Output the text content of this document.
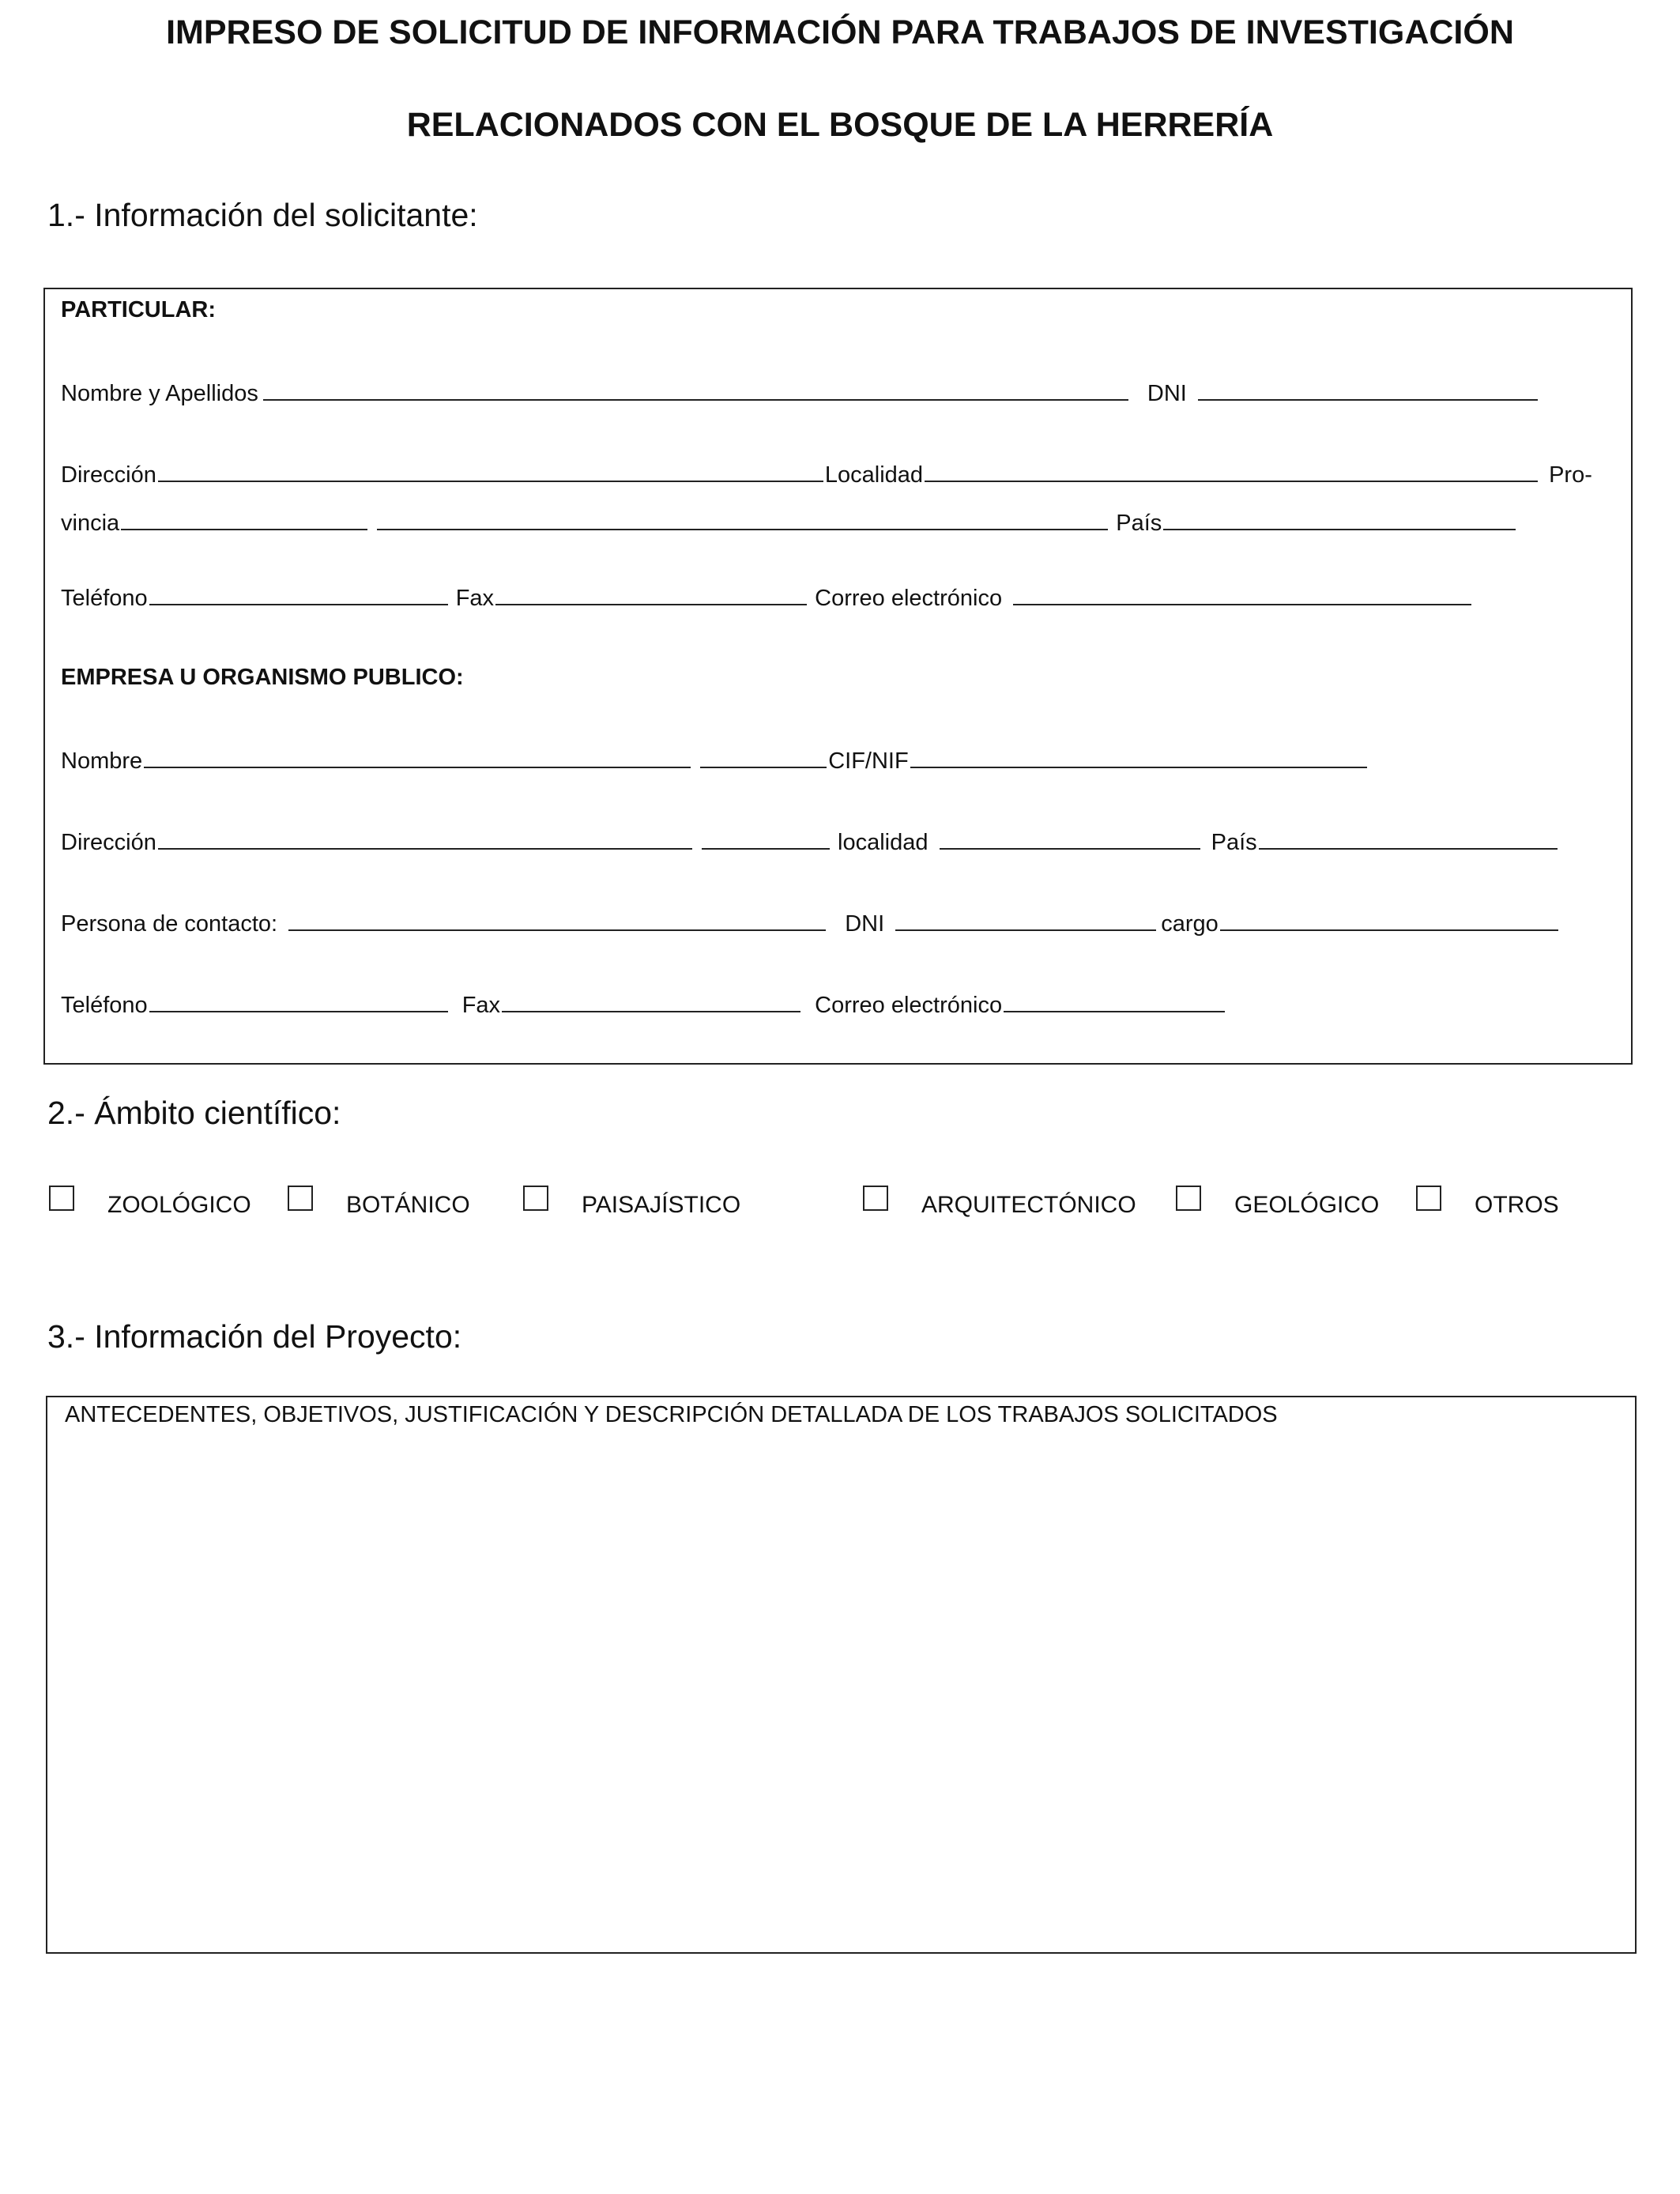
IMPRESO DE SOLICITUD DE INFORMACIÓN PARA TRABAJOS DE INVESTIGACIÓN
RELACIONADOS CON EL BOSQUE DE LA HERRERÍA
1.- Información del solicitante:
PARTICULAR:
Nombre y Apellidos	DNI
Dirección	Localidad	Pro-
vincia	País
Teléfono	Fax	Correo electrónico
EMPRESA U ORGANISMO PUBLICO:
Nombre	CIF/NIF
Dirección	localidad	País
Persona de contacto:	DNI	cargo
Teléfono	Fax	Correo electrónico
2.- Ámbito científico:
ZOOLÓGICO	BOTÁNICO	PAISAJÍSTICO	ARQUITECTÓNICO	GEOLÓGICO	OTROS
3.- Información del Proyecto:
ANTECEDENTES, OBJETIVOS, JUSTIFICACIÓN Y DESCRIPCIÓN DETALLADA DE LOS TRABAJOS SOLICITADOS
